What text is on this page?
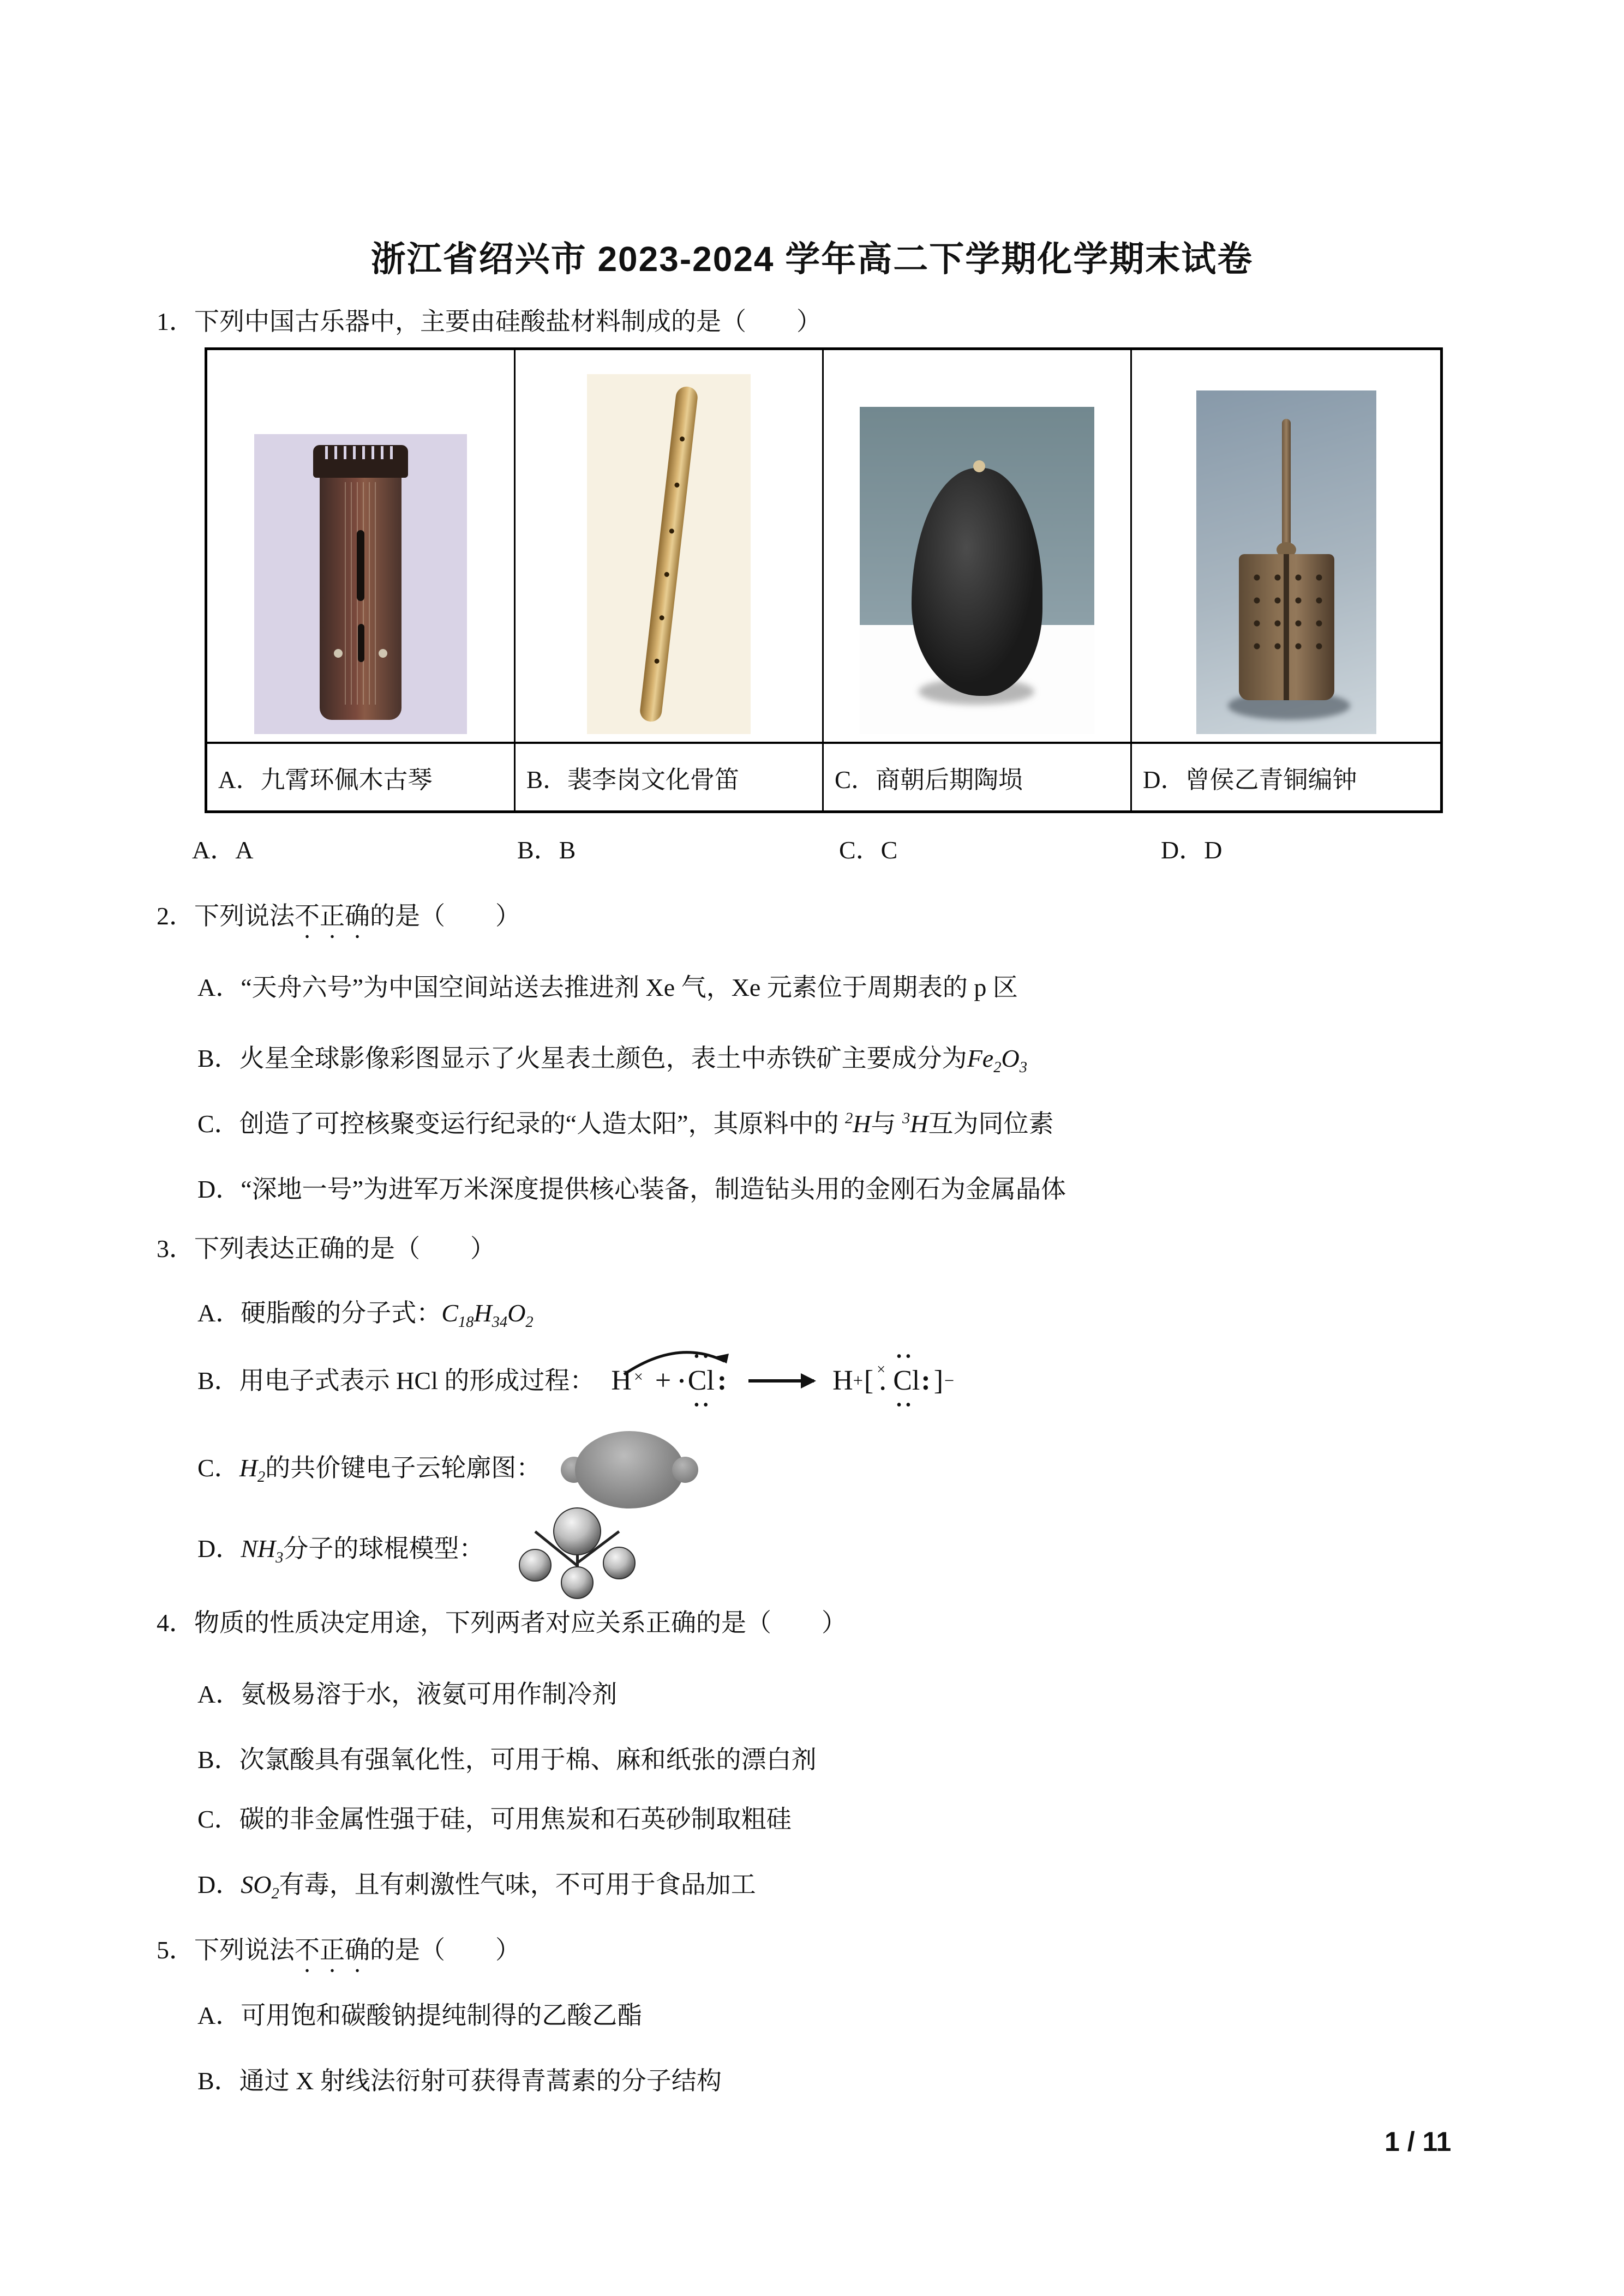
浙江省绍兴市 2023-2024 学年高二下学期化学期末试卷
1．下列中国古乐器中，主要由硅酸盐材料制成的是（　　）
A．九霄环佩木古琴	B．裴李岗文化骨笛	C．商朝后期陶埙	D．曾侯乙青铜编钟
A．A	B．B	C．C	D．D
2．下列说法不正确的是（　　）
A．“天舟六号”为中国空间站送去推进剂 Xe 气，Xe 元素位于周期表的 p 区
B．火星全球影像彩图显示了火星表土颜色，表土中赤铁矿主要成分为$Fe_2O_3$
C．创造了可控核聚变运行纪录的“人造太阳”，其原料中的 $^2$H与 $^3$H互为同位素
D．“深地一号”为进军万米深度提供核心装备，制造钻头用的金刚石为金属晶体
3．下列表达正确的是（　　）
A．硬脂酸的分子式：$C_{18}H_{34}O_2$
B．用电子式表示 HCl 的形成过程： H × + •
• •
Cl
• •
: → H + [ ×
•
• •
Cl
• •
: ] −
C．$H_2$的共价键电子云轮廓图：
D．$NH_3$分子的球棍模型：
4．物质的性质决定用途，下列两者对应关系正确的是（　　）
A．氨极易溶于水，液氨可用作制冷剂
B．次氯酸具有强氧化性，可用于棉、麻和纸张的漂白剂
C．碳的非金属性强于硅，可用焦炭和石英砂制取粗硅
D．$SO_2$有毒，且有刺激性气味，不可用于食品加工
5．下列说法不正确的是（　　）
A．可用饱和碳酸钠提纯制得的乙酸乙酯
B．通过 X 射线法衍射可获得青蒿素的分子结构
1 / 11
